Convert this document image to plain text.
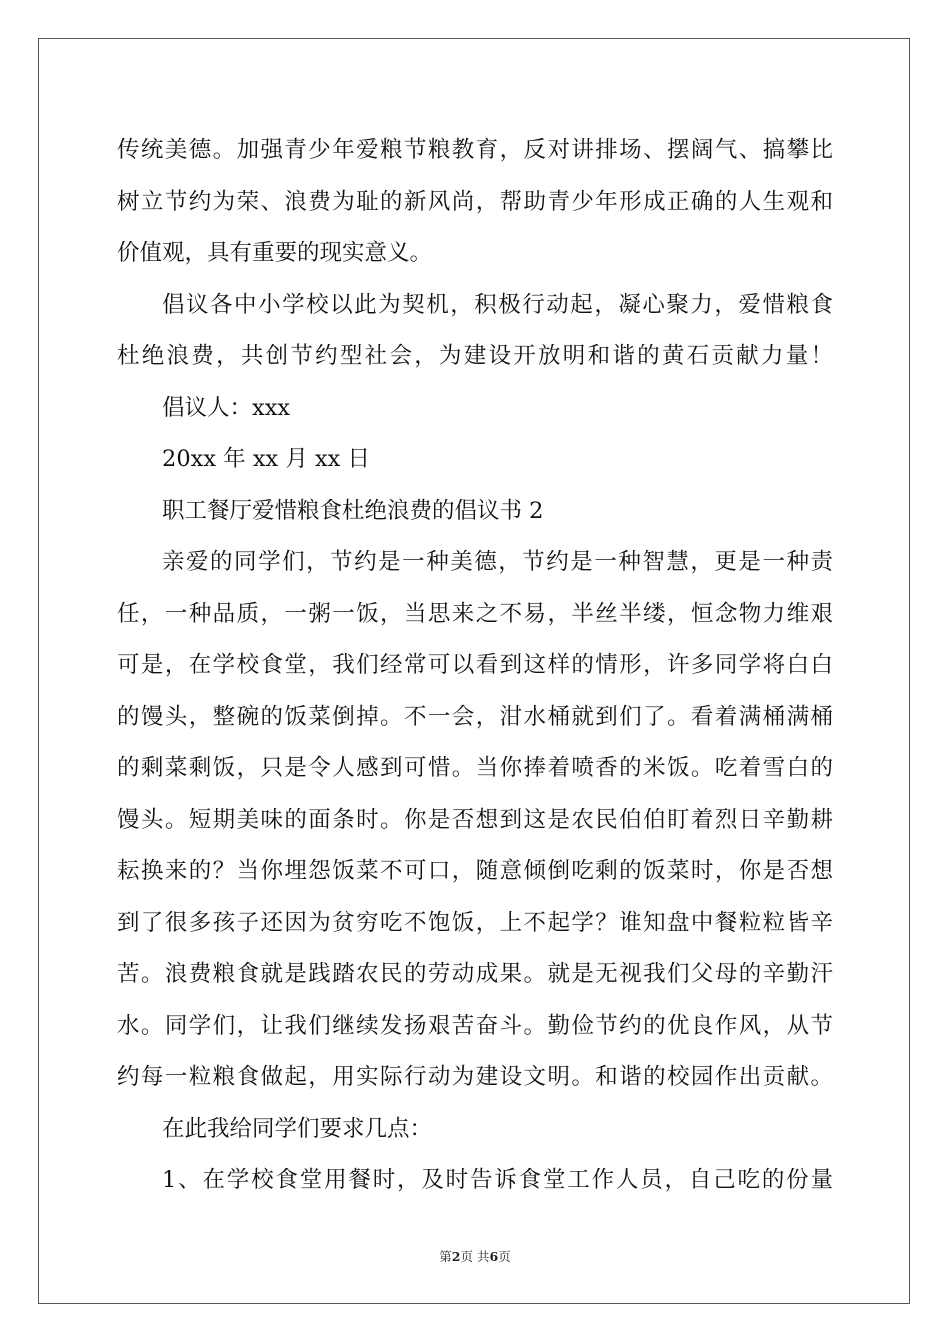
传统美德。加强青少年爱粮节粮教育，反对讲排场、摆阔气、搞攀比
树立节约为荣、浪费为耻的新风尚，帮助青少年形成正确的人生观和
价值观，具有重要的现实意义。
倡议各中小学校以此为契机，积极行动起，凝心聚力，爱惜粮食
杜绝浪费，共创节约型社会，为建设开放明和谐的黄石贡献力量！
倡议人：xxx
20xx 年 xx 月 xx 日
职工餐厅爱惜粮食杜绝浪费的倡议书 2
亲爱的同学们，节约是一种美德，节约是一种智慧，更是一种责
任，一种品质，一粥一饭，当思来之不易，半丝半缕，恒念物力维艰
可是，在学校食堂，我们经常可以看到这样的情形，许多同学将白白
的馒头，整碗的饭菜倒掉。不一会，泔水桶就到们了。看着满桶满桶
的剩菜剩饭，只是令人感到可惜。当你捧着喷香的米饭。吃着雪白的
馒头。短期美味的面条时。你是否想到这是农民伯伯盯着烈日辛勤耕
耘换来的？当你埋怨饭菜不可口，随意倾倒吃剩的饭菜时，你是否想
到了很多孩子还因为贫穷吃不饱饭，上不起学？谁知盘中餐粒粒皆辛
苦。浪费粮食就是践踏农民的劳动成果。就是无视我们父母的辛勤汗
水。同学们，让我们继续发扬艰苦奋斗。勤俭节约的优良作风，从节
约每一粒粮食做起，用实际行动为建设文明。和谐的校园作出贡献。
在此我给同学们要求几点：
1、在学校食堂用餐时，及时告诉食堂工作人员，自己吃的份量
第2页 共6页
